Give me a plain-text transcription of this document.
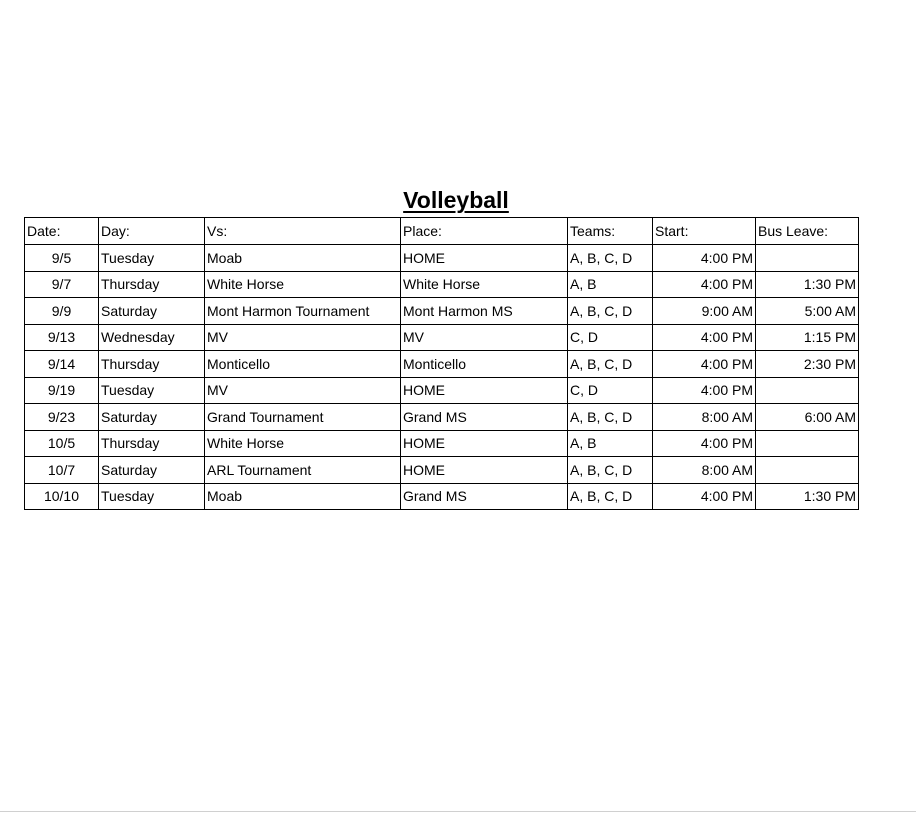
Volleyball
Date:	Day:	Vs:	Place:	Teams:	Start:	Bus Leave:
9/5	Tuesday	Moab	HOME	A, B, C, D	4:00 PM	
9/7	Thursday	White Horse	White Horse	A, B	4:00 PM	1:30 PM
9/9	Saturday	Mont Harmon Tournament	Mont Harmon MS	A, B, C, D	9:00 AM	5:00 AM
9/13	Wednesday	MV	MV	C, D	4:00 PM	1:15 PM
9/14	Thursday	Monticello	Monticello	A, B, C, D	4:00 PM	2:30 PM
9/19	Tuesday	MV	HOME	C, D	4:00 PM	
9/23	Saturday	Grand Tournament	Grand MS	A, B, C, D	8:00 AM	6:00 AM
10/5	Thursday	White Horse	HOME	A, B	4:00 PM	
10/7	Saturday	ARL Tournament	HOME	A, B, C, D	8:00 AM	
10/10	Tuesday	Moab	Grand MS	A, B, C, D	4:00 PM	1:30 PM
